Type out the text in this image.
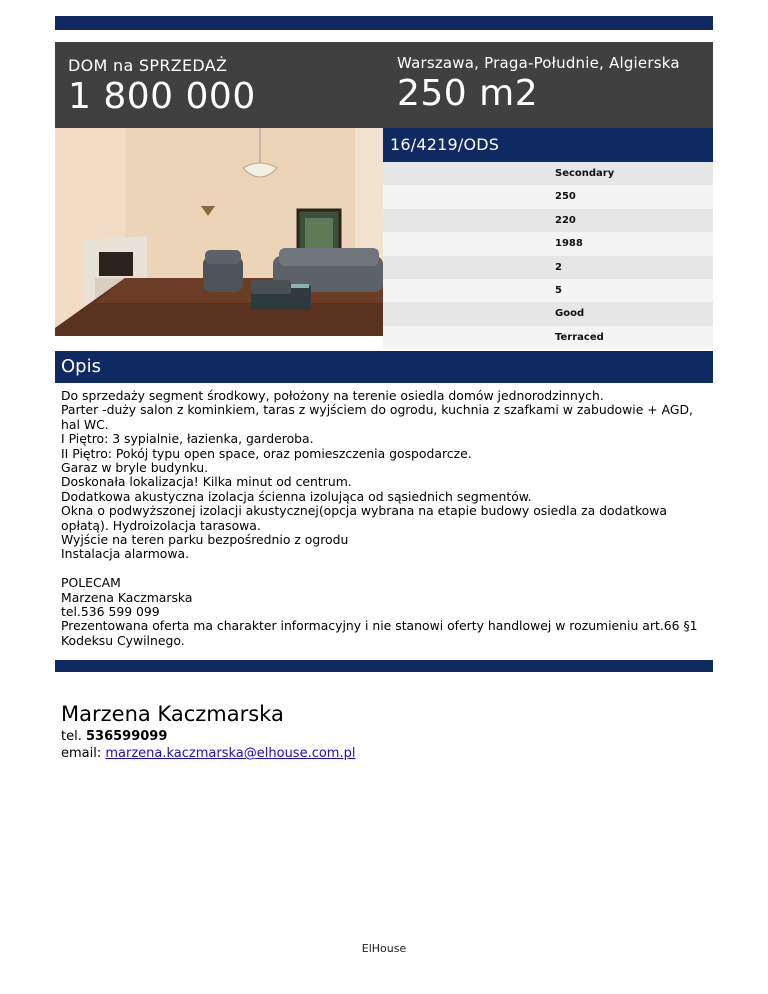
DOM na SPRZEDAŻ
1 800 000
Warszawa, Praga-Południe, Algierska
250 m2
16/4219/ODS
Secondary
250
220
1988
2
5
Good
Terraced
Opis

Do sprzedaży segment środkowy, położony na terenie osiedla domów jednorodzinnych.

Parter -duży salon z kominkiem, taras z wyjściem do ogrodu, kuchnia z szafkami w zabudowie + AGD, hal WC.

I Piętro: 3 sypialnie, łazienka, garderoba.

II Piętro: Pokój typu open space, oraz pomieszczenia gospodarcze.

Garaz w bryle budynku.

Doskonała lokalizacja! Kilka minut od centrum.

Dodatkowa akustyczna izolacja ścienna izolująca od sąsiednich segmentów.

Okna o podwyższonej izolacji akustycznej(opcja wybrana na etapie budowy osiedla za dodatkowa opłatą). Hydroizolacja tarasowa.

Wyjście na teren parku bezpośrednio z ogrodu

Instalacja alarmowa.

POLECAM

Marzena Kaczmarska

tel.536 599 099

Prezentowana oferta ma charakter informacyjny i nie stanowi oferty handlowej w rozumieniu art.66 §1 Kodeksu Cywilnego.

Marzena Kaczmarska
tel. 536599099
email: marzena.kaczmarska@elhouse.com.pl
ElHouse
